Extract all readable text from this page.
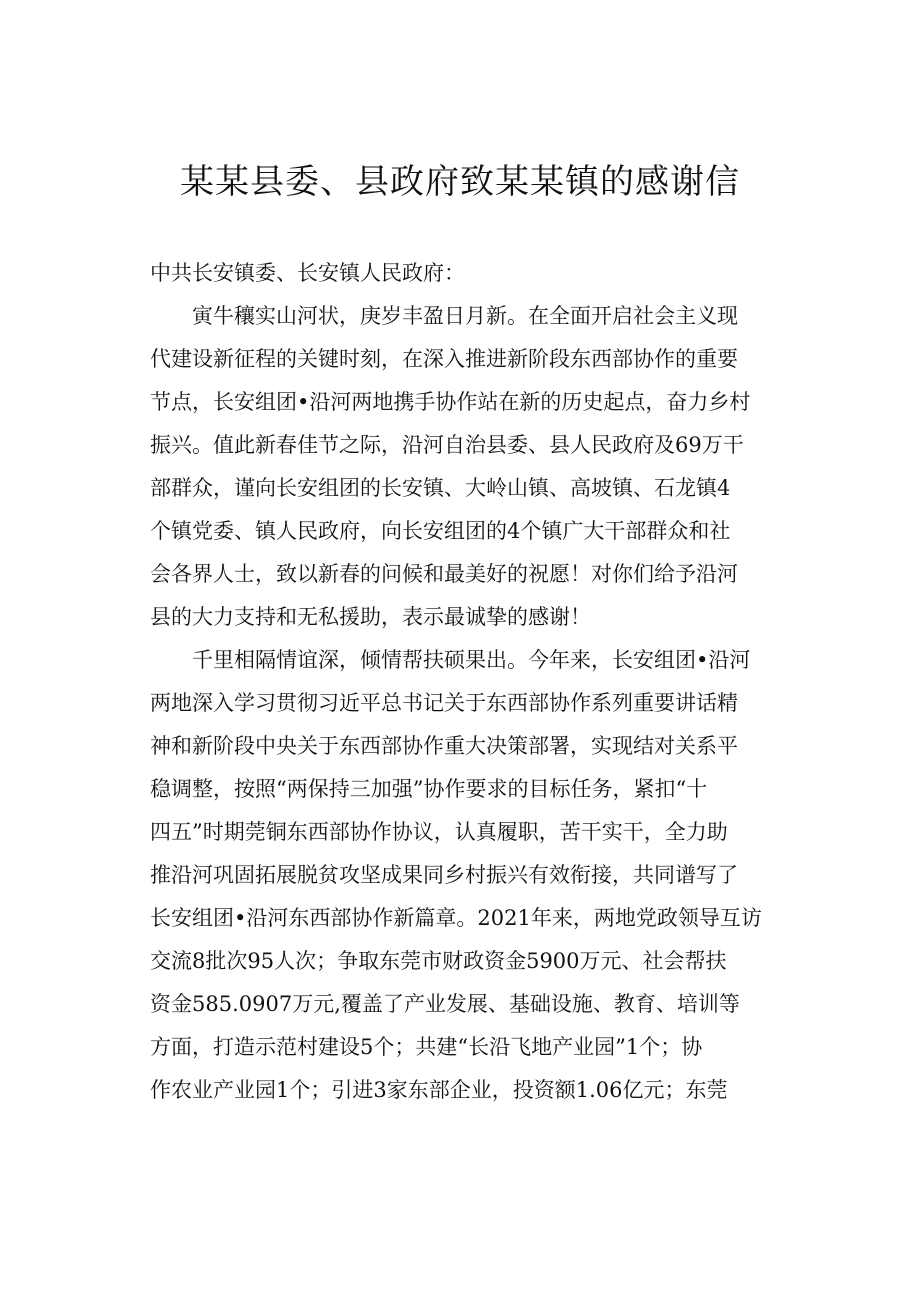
某某县委、县政府致某某镇的感谢信
中共长安镇委、长安镇人民政府：
寅牛穰实山河状，庚岁丰盈日月新。在全面开启社会主义现
代建设新征程的关键时刻，在深入推进新阶段东西部协作的重要
节点，长安组团•沿河两地携手协作站在新的历史起点，奋力乡村
振兴。值此新春佳节之际，沿河自治县委、县人民政府及69万干
部群众，谨向长安组团的长安镇、大岭山镇、高坡镇、石龙镇4
个镇党委、镇人民政府，向长安组团的4个镇广大干部群众和社
会各界人士，致以新春的问候和最美好的祝愿！对你们给予沿河
县的大力支持和无私援助，表示最诚挚的感谢！
千里相隔情谊深，倾情帮扶硕果出。今年来，长安组团•沿河
两地深入学习贯彻习近平总书记关于东西部协作系列重要讲话精
神和新阶段中央关于东西部协作重大决策部署，实现结对关系平
稳调整，按照“两保持三加强”协作要求的目标任务，紧扣“十
四五”时期莞铜东西部协作协议，认真履职，苦干实干，全力助
推沿河巩固拓展脱贫攻坚成果同乡村振兴有效衔接，共同谱写了
长安组团•沿河东西部协作新篇章。2021年来，两地党政领导互访
交流8批次95人次；争取东莞市财政资金5900万元、社会帮扶
资金585.0907万元,覆盖了产业发展、基础设施、教育、培训等
方面，打造示范村建设5个；共建“长沿飞地产业园”1个；协
作农业产业园1个；引进3家东部企业，投资额1.06亿元；东莞
